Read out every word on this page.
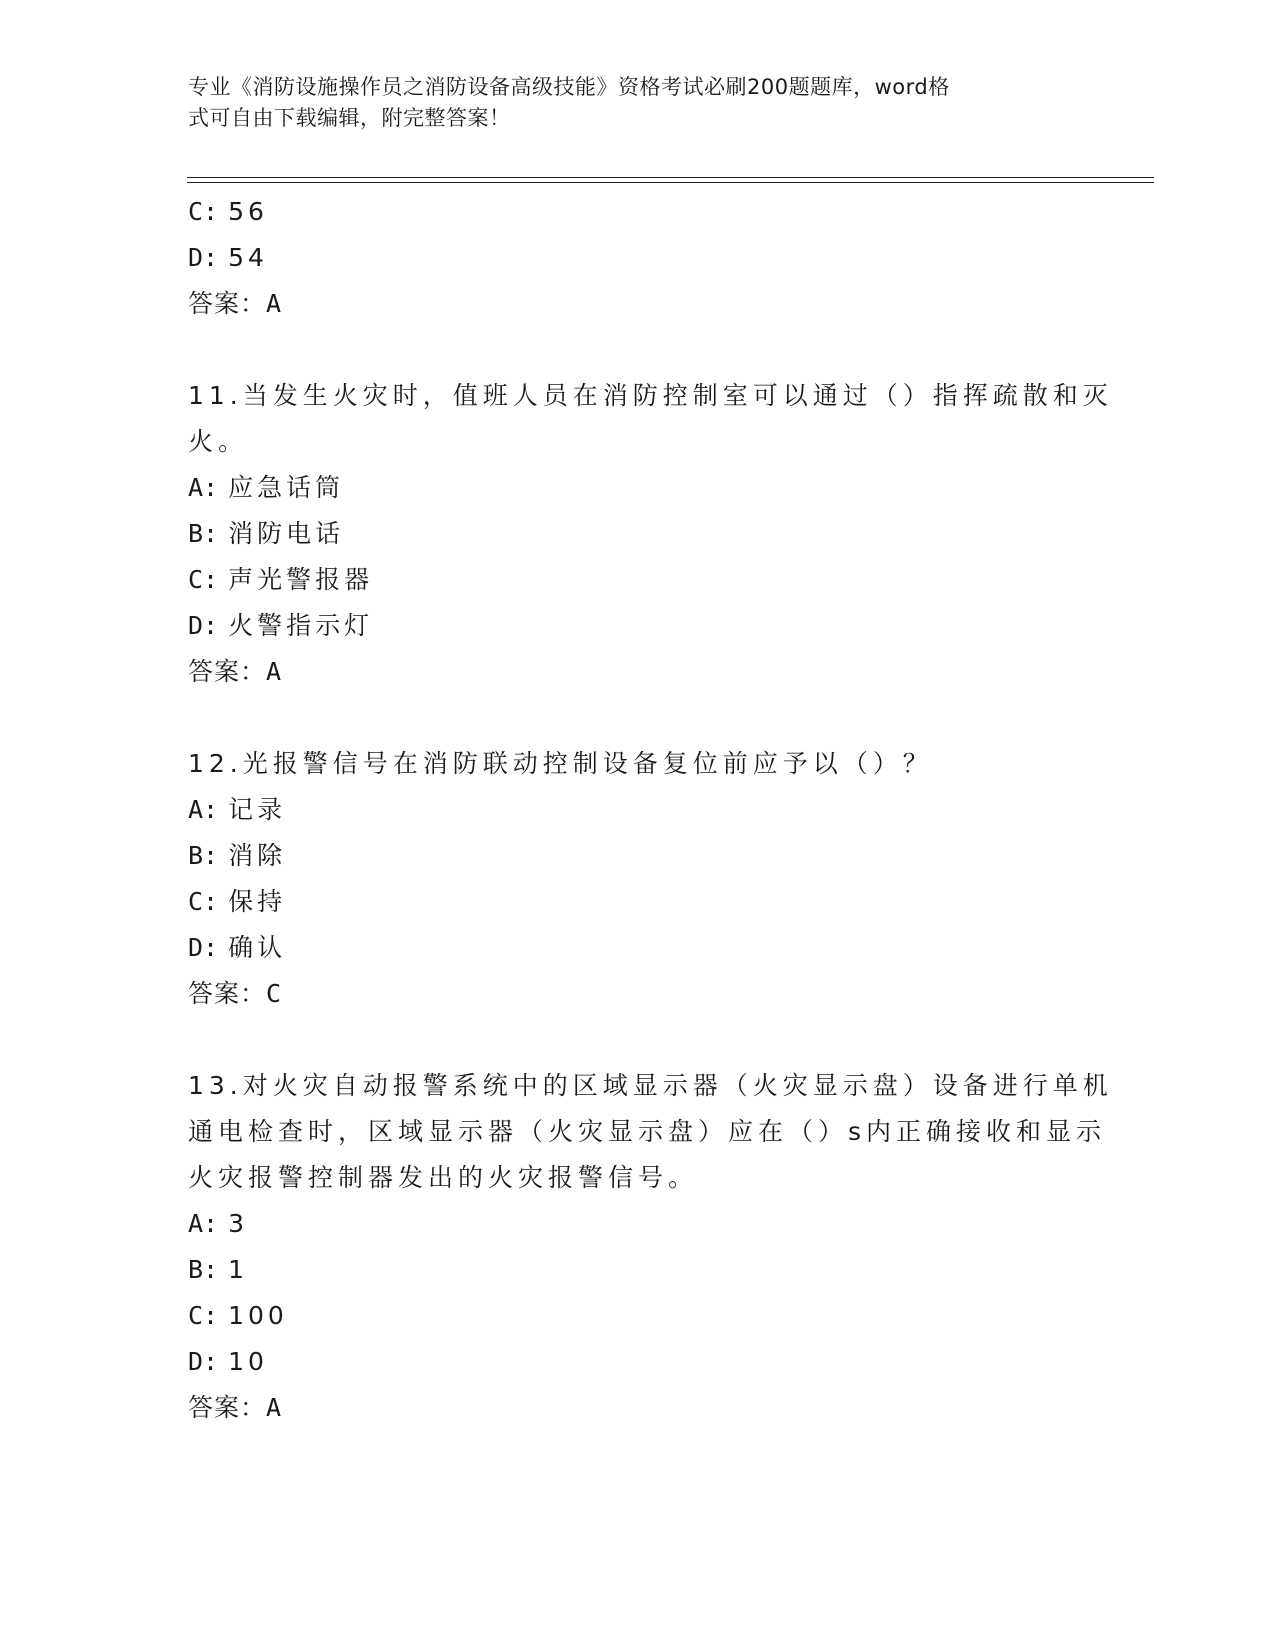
专业《消防设施操作员之消防设备高级技能》资格考试必刷200题题库，word格
式可自由下载编辑，附完整答案！
C: 56
D: 54
答案：A
11.当发生火灾时，值班人员在消防控制室可以通过（）指挥疏散和灭
火。
A: 应急话筒
B: 消防电话
C: 声光警报器
D: 火警指示灯
答案：A
12.光报警信号在消防联动控制设备复位前应予以（）？
A: 记录
B: 消除
C: 保持
D: 确认
答案：C
13.对火灾自动报警系统中的区域显示器（火灾显示盘）设备进行单机
通电检查时，区域显示器（火灾显示盘）应在（）s内正确接收和显示
火灾报警控制器发出的火灾报警信号。
A: 3
B: 1
C: 100
D: 10
答案：A
